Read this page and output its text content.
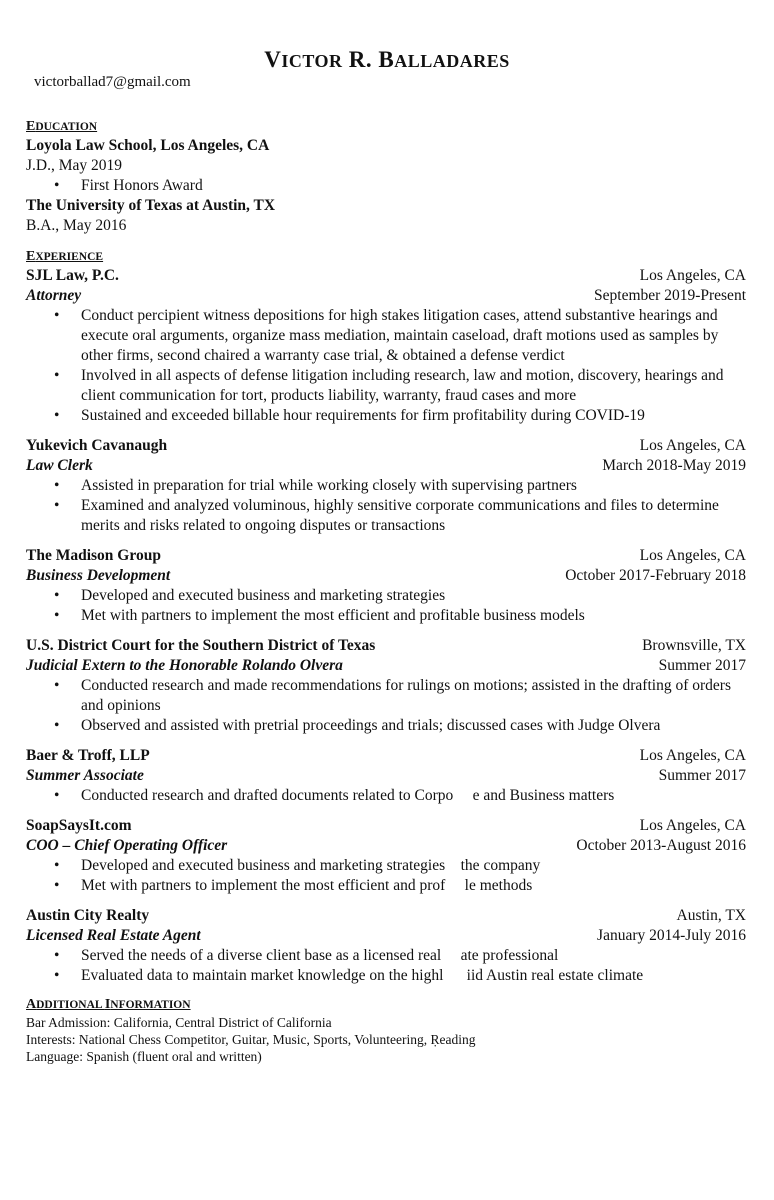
VICTOR R. BALLADARES
victorballad7@gmail.com
EDUCATION
Loyola Law School, Los Angeles, CA
J.D., May 2019
• First Honors Award
The University of Texas at Austin, TX
B.A., May 2016
EXPERIENCE
SJL Law, P.C.	Los Angeles, CA
Attorney	September 2019-Present
• Conduct percipient witness depositions for high stakes litigation cases, attend substantive hearings and execute oral arguments, organize mass mediation, maintain caseload, draft motions used as samples by other firms, second chaired a warranty case trial, & obtained a defense verdict
• Involved in all aspects of defense litigation including research, law and motion, discovery, hearings and client communication for tort, products liability, warranty, fraud cases and more
• Sustained and exceeded billable hour requirements for firm profitability during COVID-19
Yukevich Cavanaugh	Los Angeles, CA
Law Clerk	March 2018-May 2019
• Assisted in preparation for trial while working closely with supervising partners
• Examined and analyzed voluminous, highly sensitive corporate communications and files to determine merits and risks related to ongoing disputes or transactions
The Madison Group	Los Angeles, CA
Business Development	October 2017-February 2018
• Developed and executed business and marketing strategies
• Met with partners to implement the most efficient and profitable business models
U.S. District Court for the Southern District of Texas	Brownsville, TX
Judicial Extern to the Honorable Rolando Olvera	Summer 2017
• Conducted research and made recommendations for rulings on motions; assisted in the drafting of orders and opinions
• Observed and assisted with pretrial proceedings and trials; discussed cases with Judge Olvera
Baer & Troff, LLP	Los Angeles, CA
Summer Associate	Summer 2017
• Conducted research and drafted documents related to Corpo     e and Business matters
SoapSaysIt.com	Los Angeles, CA
COO – Chief Operating Officer	October 2013-August 2016
• Developed and executed business and marketing strategies    the company
• Met with partners to implement the most efficient and prof     le methods
Austin City Realty	Austin, TX
Licensed Real Estate Agent	January 2014-July 2016
• Served the needs of a diverse client base as a licensed real     ate professional
• Evaluated data to maintain market knowledge on the highl      iid Austin real estate climate
ADDITIONAL INFORMATION
Bar Admission: California, Central District of California
Interests: National Chess Competitor, Guitar, Music, Sports, Volunteering, Ṛeading
Language: Spanish (fluent oral and written)
